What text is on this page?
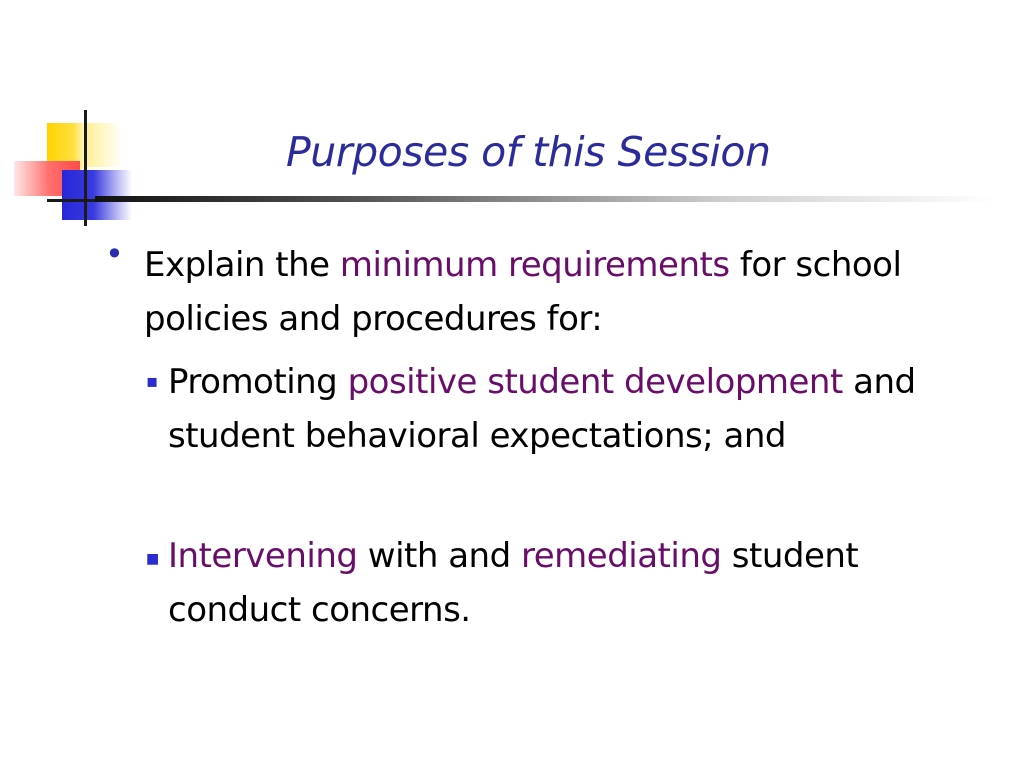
Purposes of this Session
• Explain the minimum requirements for school policies and procedures for:

▪ Promoting positive student development and student behavioral expectations; and

■ Intervening with and remediating student conduct concerns.
